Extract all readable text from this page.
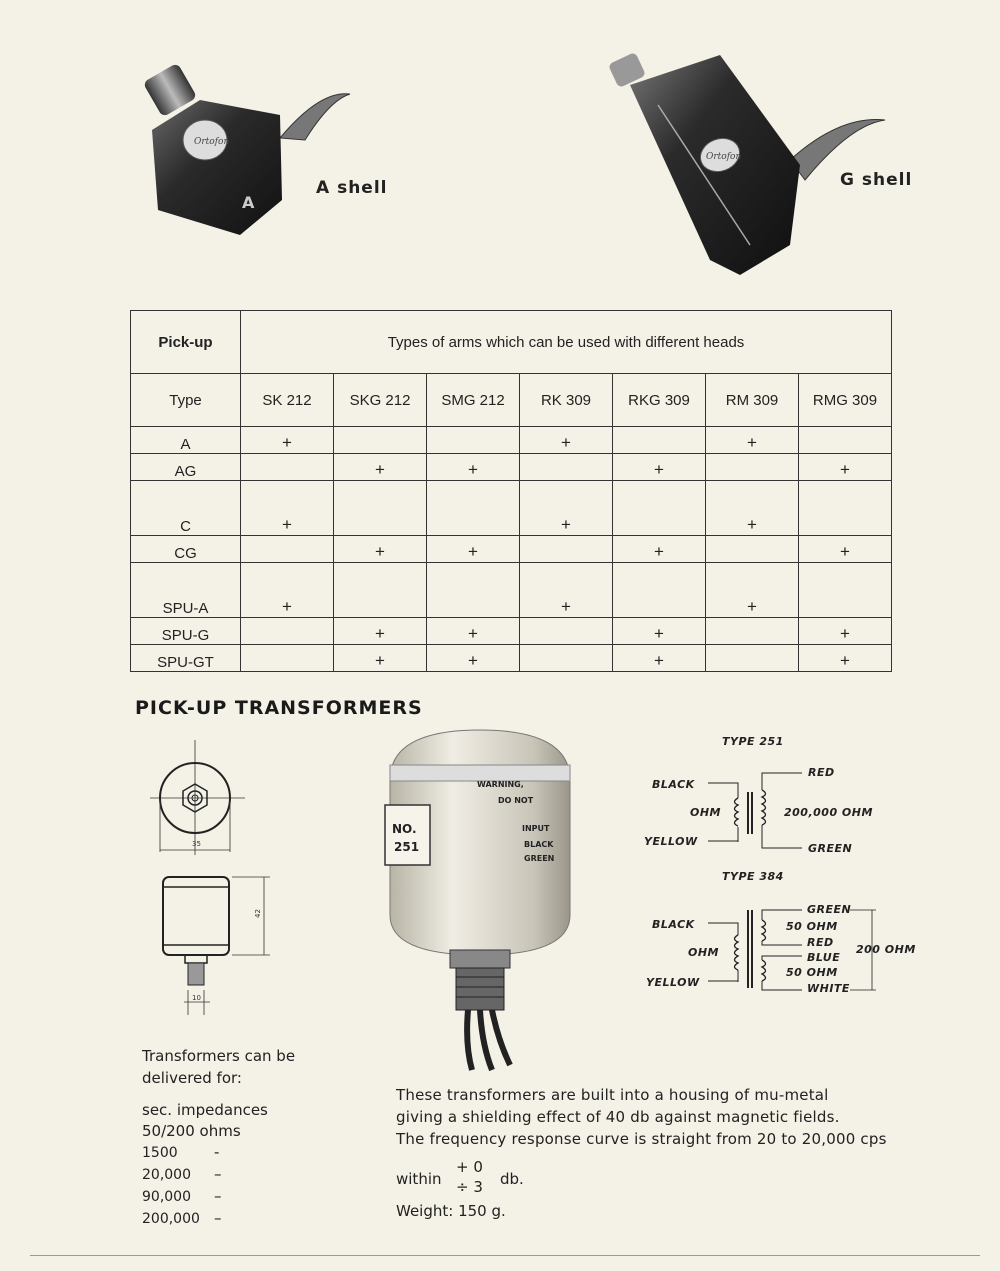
Ortofon
A
A shell
Ortofon
G shell
Pick-up	Types of arms which can be used with different heads						
Type	SK 212	SKG 212	SMG 212	RK 309	RKG 309	RM 309	RMG 309
A	+			+		+	
AG		+	+		+		+
C	+			+		+	
CG		+	+		+		+
SPU-A	+			+		+	
SPU-G		+	+		+		+
SPU-GT		+	+		+		+
PICK-UP TRANSFORMERS
35
42
10
NO.
251
WARNING,
DO NOT
INPUT
BLACK
GREEN
TYPE 251
BLACK
OHM
YELLOW
RED
200,000 OHM
GREEN
TYPE 384
BLACK
OHM
YELLOW
GREEN
50 OHM
RED
BLUE
50 OHM
WHITE
200 OHM
Transformers can be
delivered for:
sec. impedances
50/200 ohms
1500 -
20,000 –
90,000 –
200,000 –
These transformers are built into a housing of mu-metal
giving a shielding effect of 40 db against magnetic fields.
The frequency response curve is straight from 20 to 20,000 cps
within
+ 0
÷ 3 db.
Weight: 150 g.
